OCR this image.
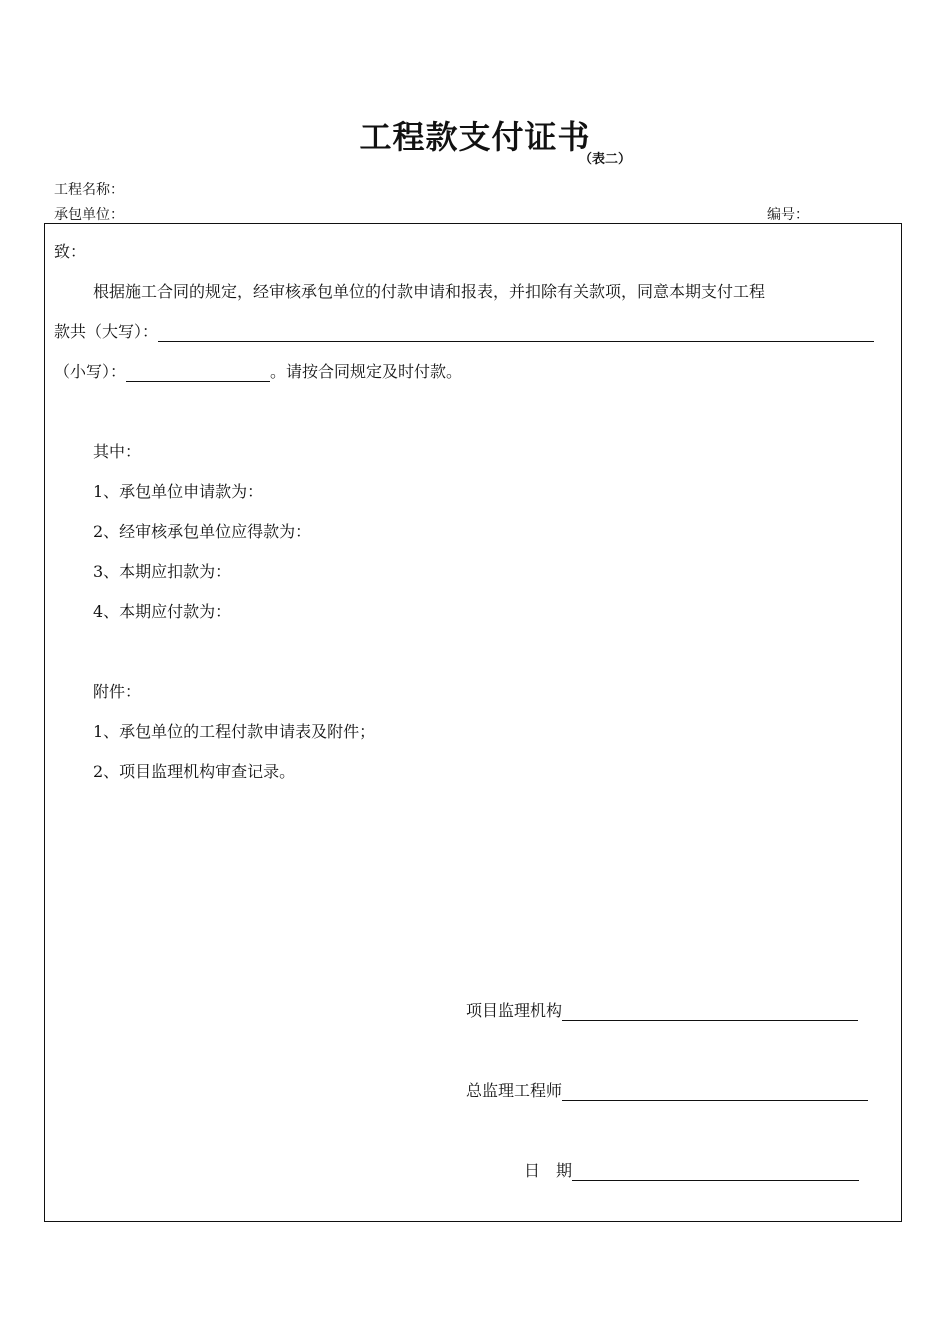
工程款支付证书
（表二）
工程名称：
承包单位：	编号：
致：
根据施工合同的规定，经审核承包单位的付款申请和报表，并扣除有关款项，同意本期支付工程
款共（大写）：
（小写）：	。请按合同规定及时付款。
其中：
1、承包单位申请款为：
2、经审核承包单位应得款为：
3、本期应扣款为：
4、本期应付款为：
附件：
1、承包单位的工程付款申请表及附件；
2、项目监理机构审查记录。
项目监理机构
总监理工程师
日　期
